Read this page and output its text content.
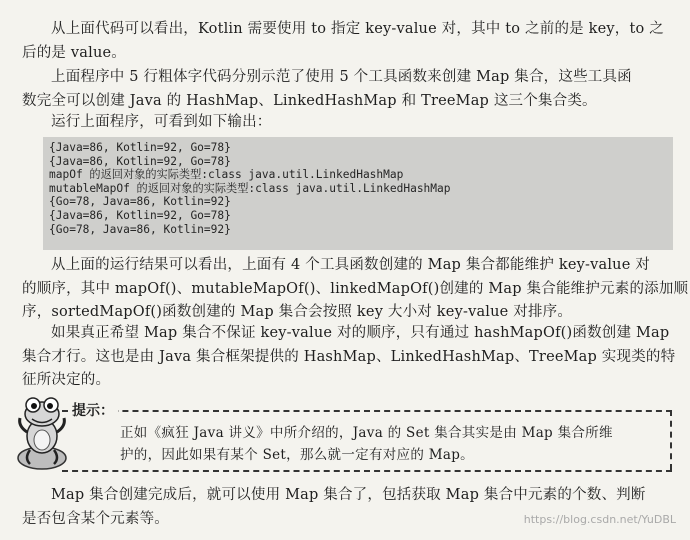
从上面代码可以看出，Kotlin 需要使用 to 指定 key-value 对，其中 to 之前的是 key，to 之
后的是 value。

上面程序中 5 行粗体字代码分别示范了使用 5 个工具函数来创建 Map 集合，这些工具函
数完全可以创建 Java 的 HashMap、LinkedHashMap 和 TreeMap 这三个集合类。

运行上面程序，可看到如下输出：

{Java=86, Kotlin=92, Go=78}
{Java=86, Kotlin=92, Go=78}
mapOf 的返回对象的实际类型:class java.util.LinkedHashMap
mutableMapOf 的返回对象的实际类型:class java.util.LinkedHashMap
{Go=78, Java=86, Kotlin=92}
{Java=86, Kotlin=92, Go=78}
{Go=78, Java=86, Kotlin=92}

从上面的运行结果可以看出，上面有 4 个工具函数创建的 Map 集合都能维护 key-value 对
的顺序，其中 mapOf()、mutableMapOf()、linkedMapOf()创建的 Map 集合能维护元素的添加顺
序，sortedMapOf()函数创建的 Map 集合会按照 key 大小对 key-value 对排序。

如果真正希望 Map 集合不保证 key-value 对的顺序，只有通过 hashMapOf()函数创建 Map
集合才行。这也是由 Java 集合框架提供的 HashMap、LinkedHashMap、TreeMap 实现类的特
征所决定的。

提示：
正如《疯狂 Java 讲义》中所介绍的，Java 的 Set 集合其实是由 Map 集合所维
护的，因此如果有某个 Set，那么就一定有对应的 Map。

Map 集合创建完成后，就可以使用 Map 集合了，包括获取 Map 集合中元素的个数、判断
是否包含某个元素等。	https://blog.csdn.net/YuDBL
